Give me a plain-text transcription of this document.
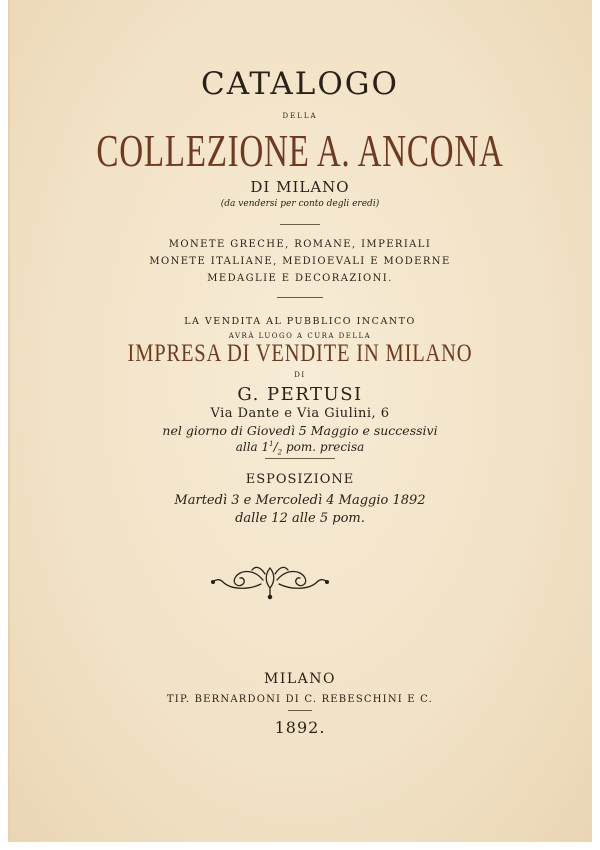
CATALOGO
DELLA
COLLEZIONE A. ANCONA
DI MILANO
(da vendersi per conto degli eredi)
MONETE GRECHE, ROMANE, IMPERIALI
MONETE ITALIANE, MEDIOEVALI E MODERNE
MEDAGLIE E DECORAZIONI.
LA VENDITA AL PUBBLICO INCANTO
AVRÀ LUOGO A CURA DELLA
IMPRESA DI VENDITE IN MILANO
DI
G. PERTUSI
Via Dante e Via Giulini, 6
nel giorno di Giovedì 5 Maggio e successivi
alla $1^1/_2$ pom. precisa
ESPOSIZIONE
Martedì 3 e Mercoledì 4 Maggio 1892
dalle 12 alle 5 pom.
MILANO
TIP. BERNARDONI DI C. REBESCHINI E C.
1892.
